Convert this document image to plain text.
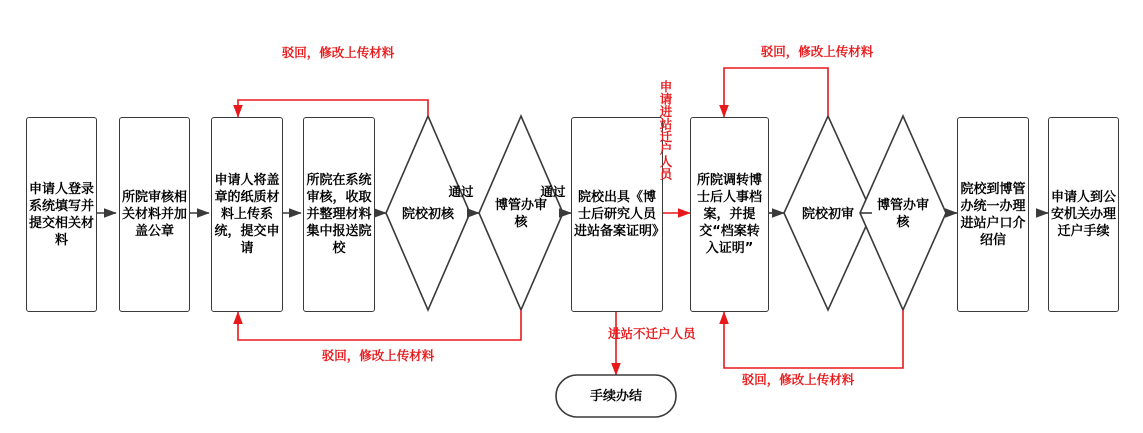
申请人登录系统填写并提交相关材料
所院审核相关材料并加盖公章
申请人将盖章的纸质材料上传系统，提交申请
所院在系统审核，收取并整理材料集中报送院校
院校出具《博士后研究人员进站备案证明》
所院调转博士后人事档案，并提交“档案转入证明”
院校到博管办统一办理进站户口介绍信
申请人到公安机关办理迁户手续
院校初核
博管办审核
院校初审
博管办审核
手续办结
驳回，修改上传材料
驳回，修改上传材料
通过	通过
申请进站迁户人员
驳回，修改上传材料
驳回，修改上传材料
进站不迁户人员
